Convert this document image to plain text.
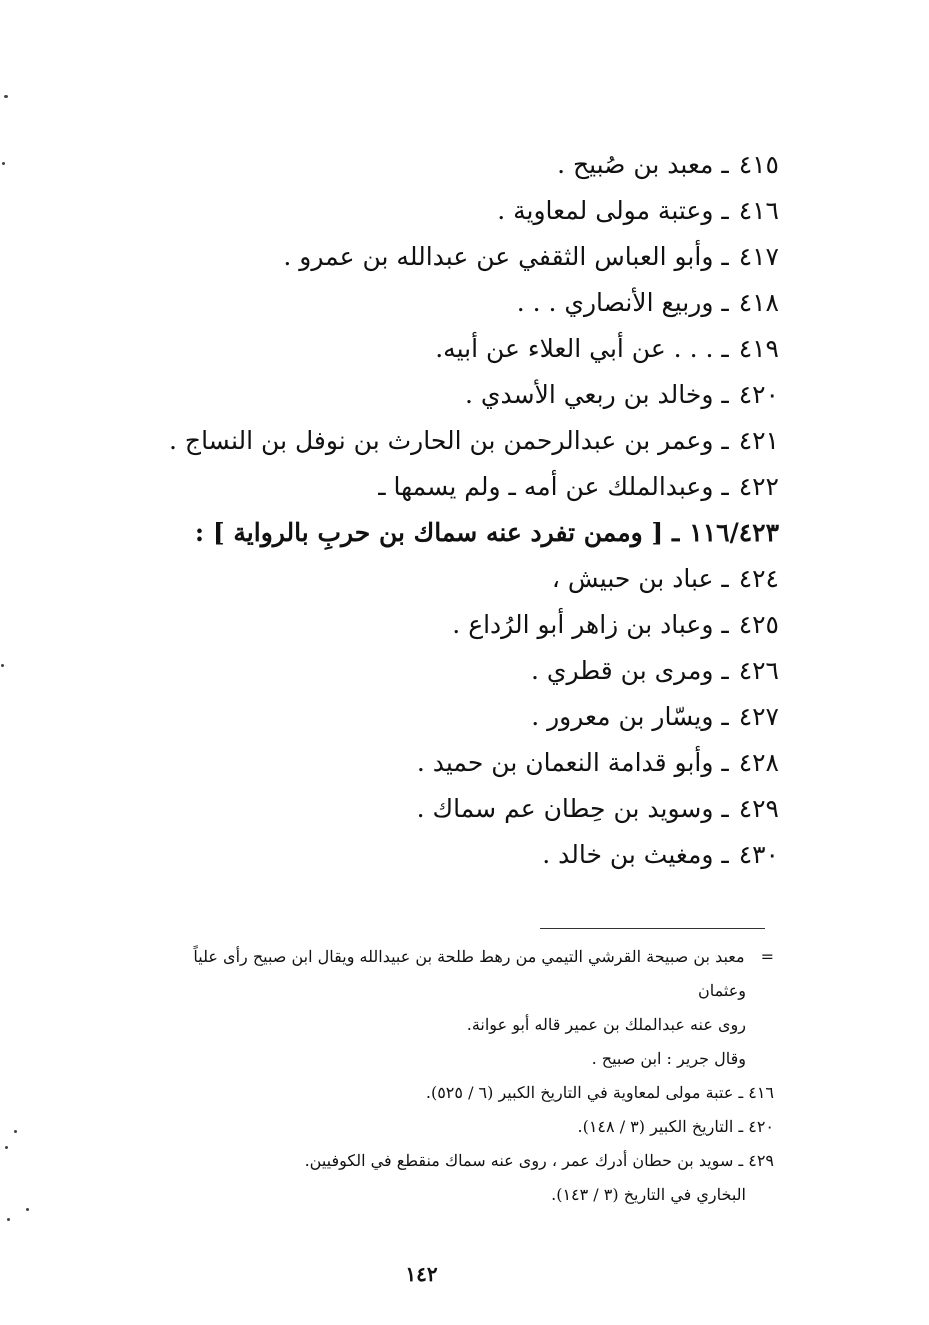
٤١٥ـ معبد بن صُبيح .
٤١٦ـ وعتبة مولى لمعاوية .
٤١٧ـ وأبو العباس الثقفي عن عبدالله بن عمرو .
٤١٨ـ وربيع الأنصاري . . .
٤١٩ـ . . . عن أبي العلاء عن أبيه.
٤٢٠ـ وخالد بن ربعي الأسدي .
٤٢١ـ وعمر بن عبدالرحمن بن الحارث بن نوفل بن النساج .
٤٢٢ـ وعبدالملك عن أمه ـ ولم يسمها ـ
١١٦/٤٢٣ـ [ وممن تفرد عنه سماك بن حربِ بالرواية ] :
٤٢٤ـ عباد بن حبيش ،
٤٢٥ـ وعباد بن زاهر أبو الرُداع .
٤٢٦ـ ومرى بن قطري .
٤٢٧ـ ويسّار بن معرور .
٤٢٨ـ وأبو قدامة النعمان بن حميد .
٤٢٩ـ وسويد بن حِطان عم سماك .
٤٣٠ـ ومغيث بن خالد .
=معبد بن صبيحة القرشي التيمي من رهط طلحة بن عبيدالله ويقال ابن صبيح رأى علياً
وعثمان
روى عنه عبدالملك بن عمير قاله أبو عوانة.
وقال جرير : ابن صبيح .
٤١٦ ـ عتبة مولى لمعاوية في التاريخ الكبير (٦ / ٥٢٥).
٤٢٠ ـ التاريخ الكبير (٣ / ١٤٨).
٤٢٩ ـ سويد بن حطان أدرك عمر ، روى عنه سماك منقطع في الكوفيين.
البخاري في التاريخ (٣ / ١٤٣).
١٤٢
